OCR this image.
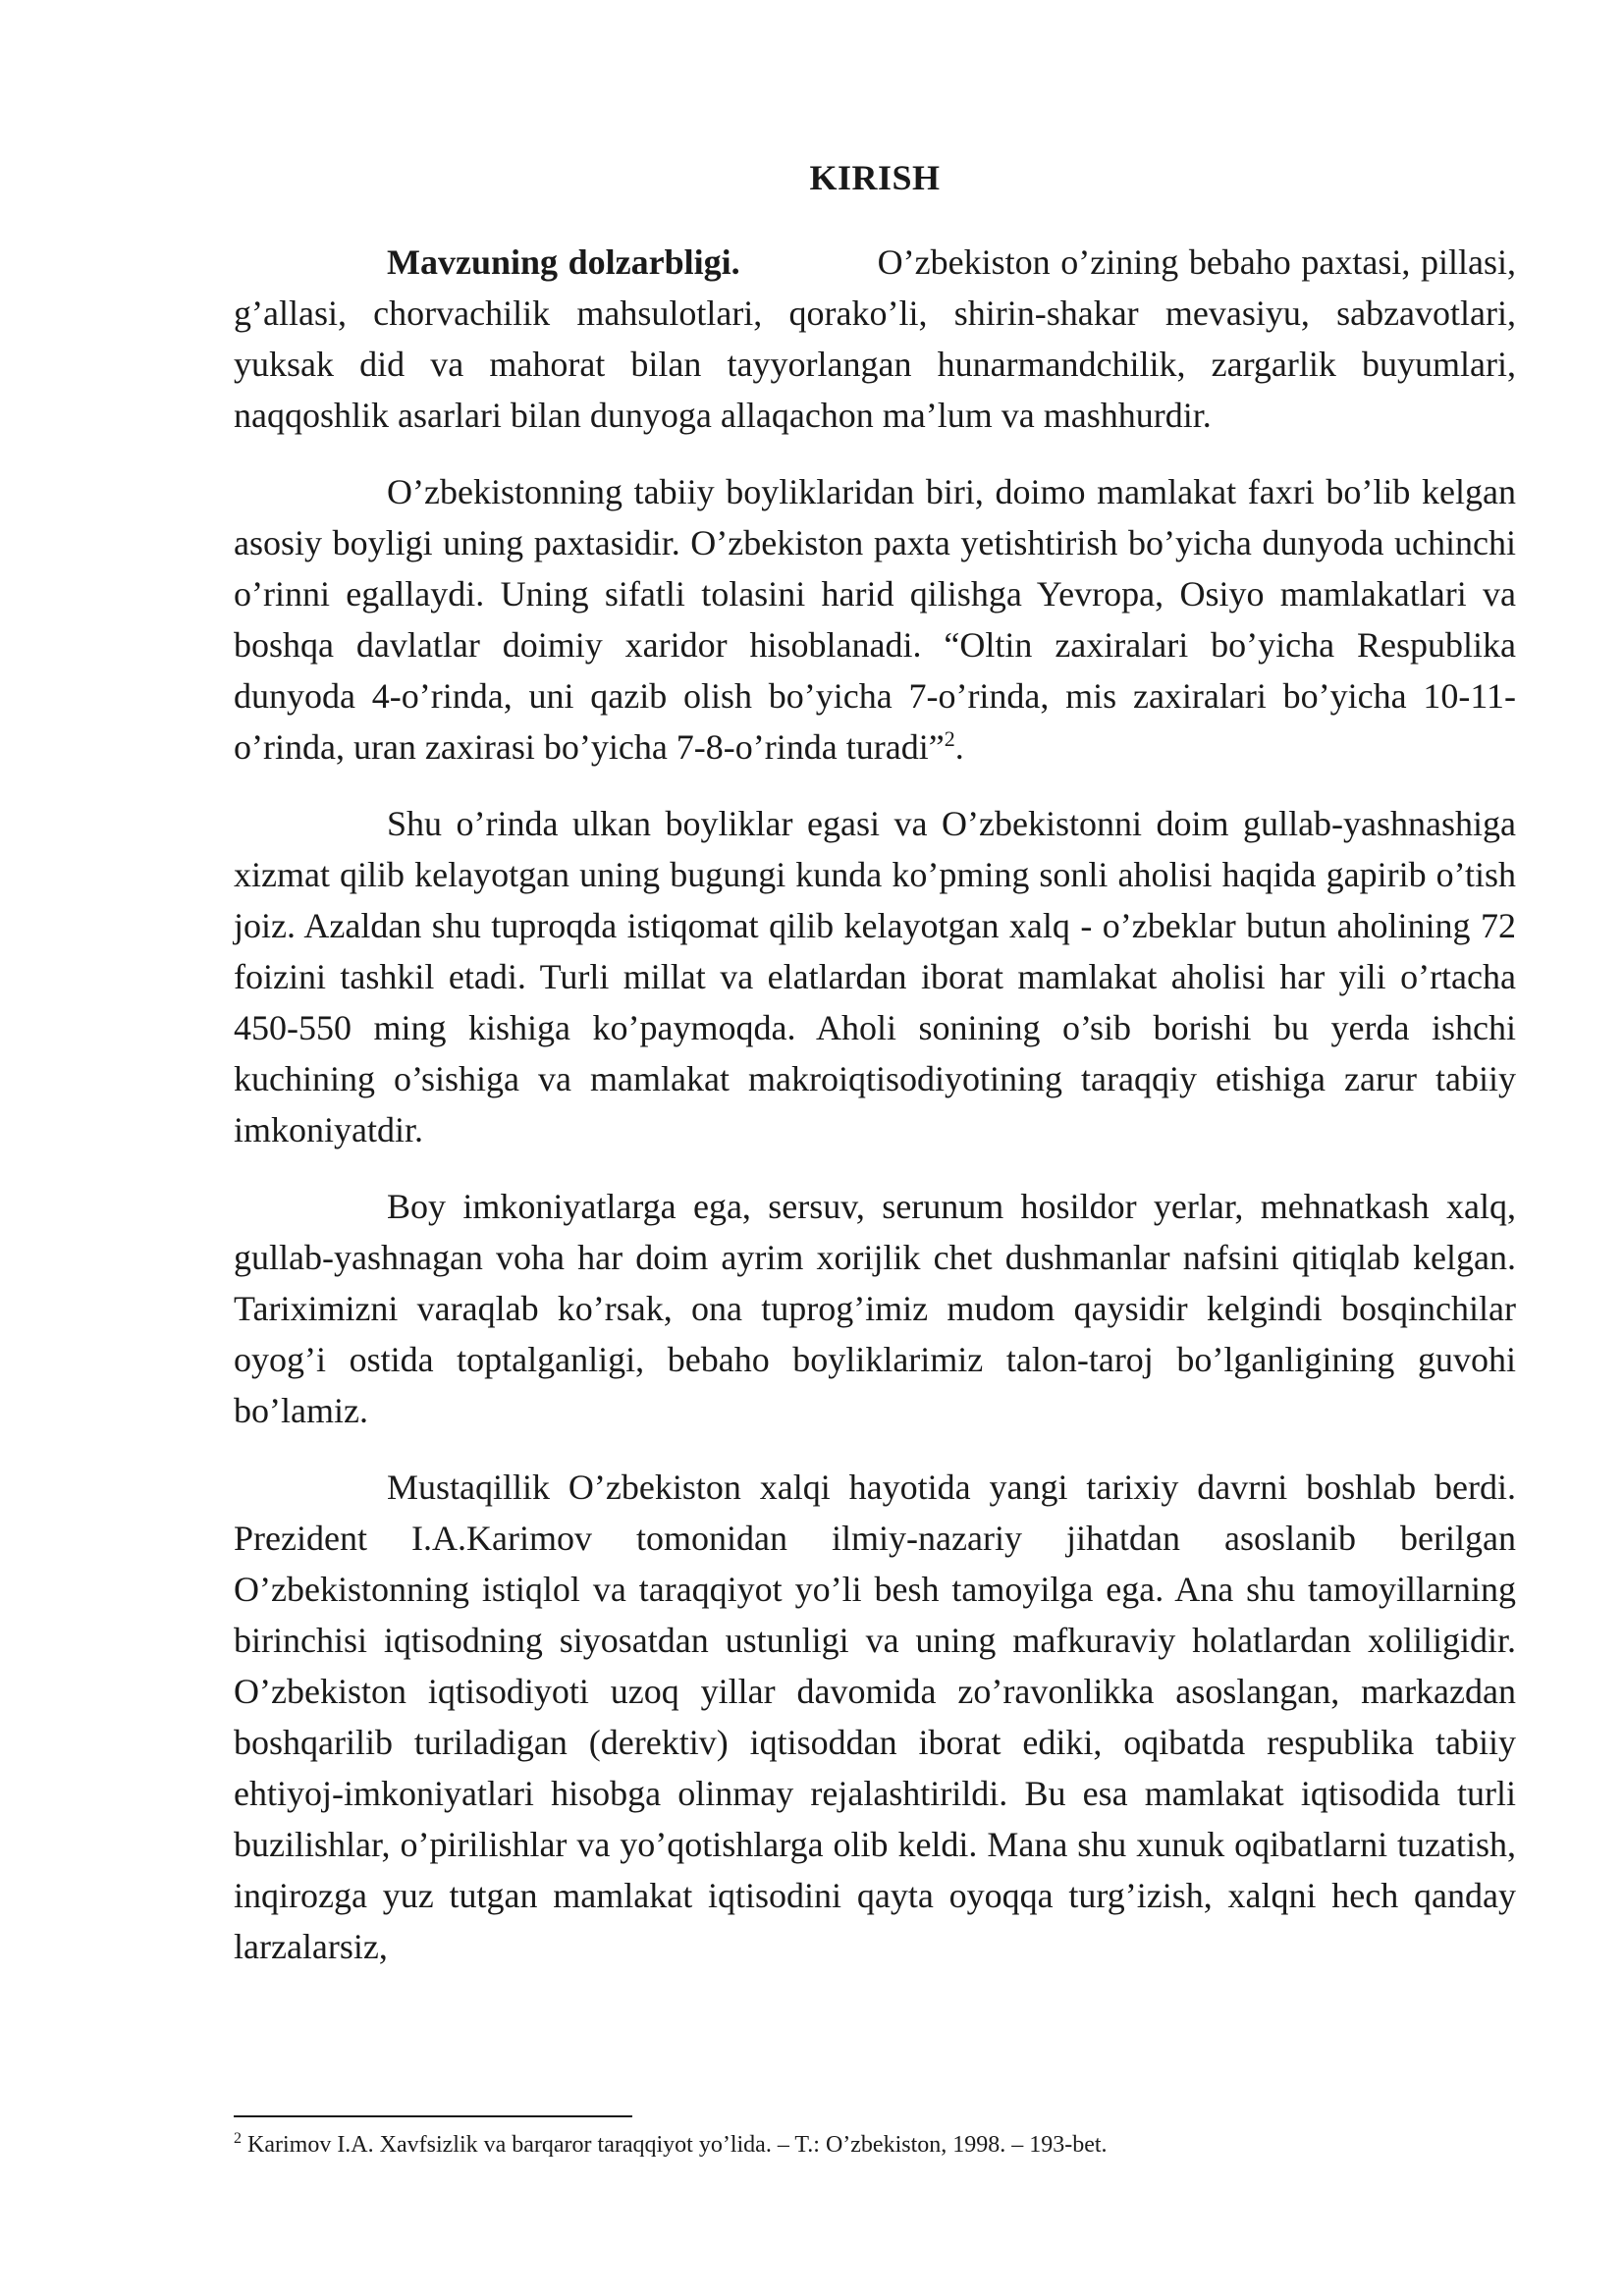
KIRISH

Mavzuning dolzarbligi.	O’zbekiston o’zining bebaho paxtasi, pillasi, g’allasi, chorvachilik mahsulotlari, qorako’li, shirin-shakar mevasiyu, sabzavotlari, yuksak did va mahorat bilan tayyorlangan hunarmandchilik, zargarlik buyumlari, naqqoshlik asarlari bilan dunyoga allaqachon ma’lum va mashhurdir.

O’zbekistonning tabiiy boyliklaridan biri, doimo mamlakat faxri bo’lib kelgan asosiy boyligi uning paxtasidir. O’zbekiston paxta yetishtirish bo’yicha dunyoda uchinchi o’rinni egallaydi. Uning sifatli tolasini harid qilishga Yevropa, Osiyo mamlakatlari va boshqa davlatlar doimiy xaridor hisoblanadi. “Oltin zaxiralari bo’yicha Respublika dunyoda 4-o’rinda, uni qazib olish bo’yicha 7-o’rinda, mis zaxiralari bo’yicha 10-11-o’rinda, uran zaxirasi bo’yicha 7-8-o’rinda turadi”$^2$.

Shu o’rinda ulkan boyliklar egasi va O’zbekistonni doim gullab-yashnashiga xizmat qilib kelayotgan uning bugungi kunda ko’pming sonli aholisi haqida gapirib o’tish joiz. Azaldan shu tuproqda istiqomat qilib kelayotgan xalq - o’zbeklar butun aholining 72 foizini tashkil etadi. Turli millat va elatlardan iborat mamlakat aholisi har yili o’rtacha 450-550 ming kishiga ko’paymoqda. Aholi sonining o’sib borishi bu yerda ishchi kuchining o’sishiga va mamlakat makroiqtisodiyotining taraqqiy etishiga zarur tabiiy imkoniyatdir.

Boy imkoniyatlarga ega, sersuv, serunum hosildor yerlar, mehnatkash xalq, gullab-yashnagan voha har doim ayrim xorijlik chet dushmanlar nafsini qitiqlab kelgan. Tariximizni varaqlab ko’rsak, ona tuprog’imiz mudom qaysidir kelgindi bosqinchilar oyog’i ostida toptalganligi, bebaho boyliklarimiz talon-taroj bo’lganligining guvohi bo’lamiz.

Mustaqillik O’zbekiston xalqi hayotida yangi tarixiy davrni boshlab berdi. Prezident I.A.Karimov tomonidan ilmiy-nazariy jihatdan asoslanib berilgan O’zbekistonning istiqlol va taraqqiyot yo’li besh tamoyilga ega. Ana shu tamoyillarning birinchisi iqtisodning siyosatdan ustunligi va uning mafkuraviy holatlardan xoliligidir. O’zbekiston iqtisodiyoti uzoq yillar davomida zo’ravonlikka asoslangan, markazdan boshqarilib turiladigan (derektiv) iqtisoddan iborat ediki, oqibatda respublika tabiiy ehtiyoj-imkoniyatlari hisobga olinmay rejalashtirildi. Bu esa mamlakat iqtisodida turli buzilishlar, o’pirilishlar va yo’qotishlarga olib keldi. Mana shu xunuk oqibatlarni tuzatish, inqirozga yuz tutgan mamlakat iqtisodini qayta oyoqqa turg’izish, xalqni hech qanday larzalarsiz,

$^2$ Karimov I.A. Xavfsizlik va barqaror taraqqiyot yo’lida. – T.: O’zbekiston, 1998. – 193-bet.
